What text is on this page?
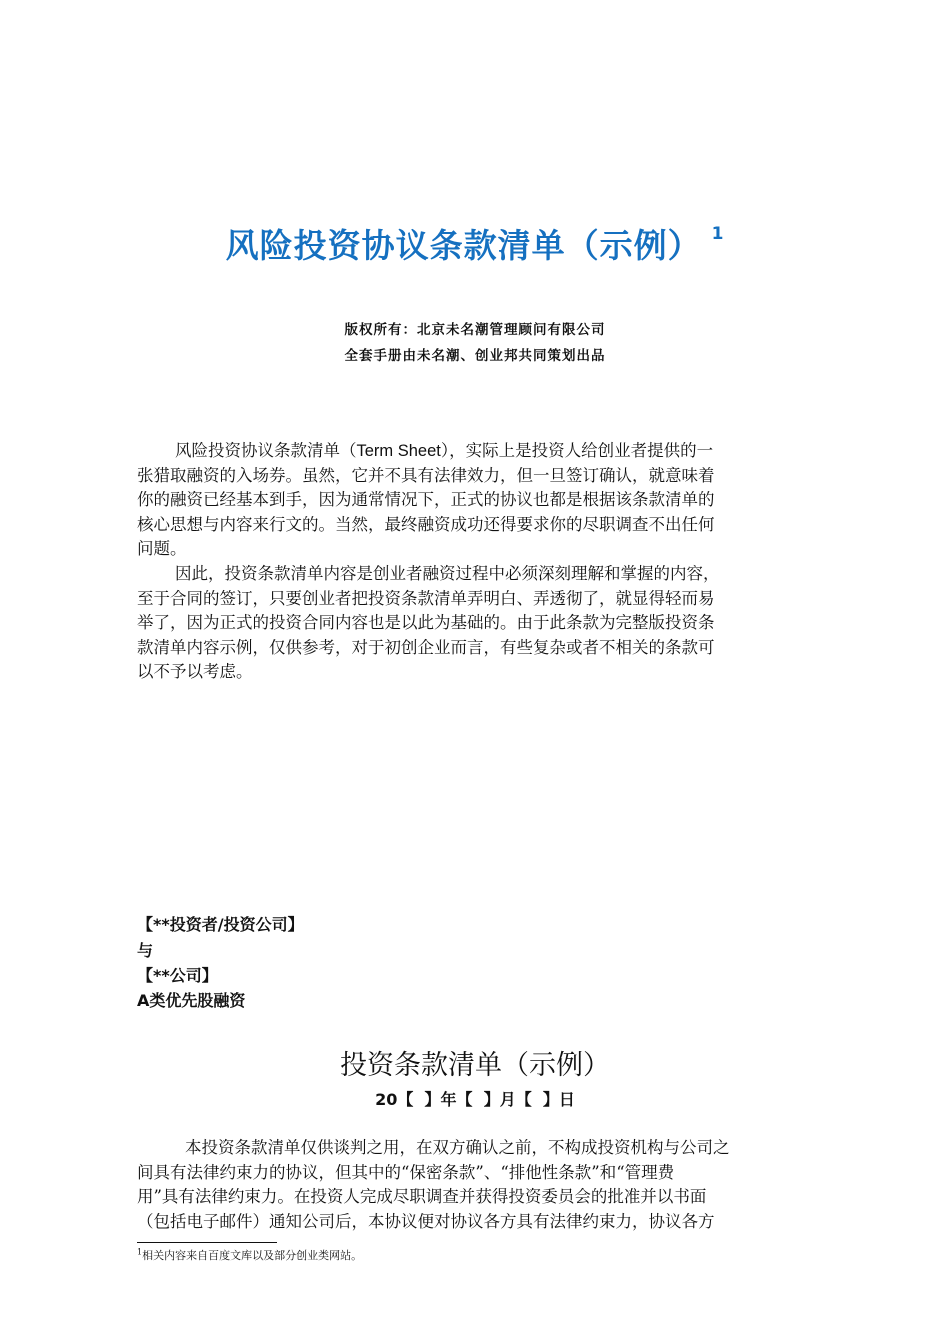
风险投资协议条款清单（示例） $^1$
版权所有：北京未名潮管理顾问有限公司
全套手册由未名潮、创业邦共同策划出品
风险投资协议条款清单（Term Sheet），实际上是投资人给创业者提供的一
张猎取融资的入场券。虽然，它并不具有法律效力，但一旦签订确认，就意味着
你的融资已经基本到手，因为通常情况下，正式的协议也都是根据该条款清单的
核心思想与内容来行文的。当然，最终融资成功还得要求你的尽职调查不出任何
问题。
因此，投资条款清单内容是创业者融资过程中必须深刻理解和掌握的内容，
至于合同的签订，只要创业者把投资条款清单弄明白、弄透彻了，就显得轻而易
举了，因为正式的投资合同内容也是以此为基础的。由于此条款为完整版投资条
款清单内容示例，仅供参考，对于初创企业而言，有些复杂或者不相关的条款可
以不予以考虑。
【**投资者/投资公司】
与
【**公司】
A类优先股融资
投资条款清单（示例）
20【  】年【  】月【  】日
本投资条款清单仅供谈判之用，在双方确认之前，不构成投资机构与公司之
间具有法律约束力的协议，但其中的“保密条款”、“排他性条款”和“管理费
用”具有法律约束力。在投资人完成尽职调查并获得投资委员会的批准并以书面
（包括电子邮件）通知公司后，本协议便对协议各方具有法律约束力，协议各方
$^1$相关内容来自百度文库以及部分创业类网站。
